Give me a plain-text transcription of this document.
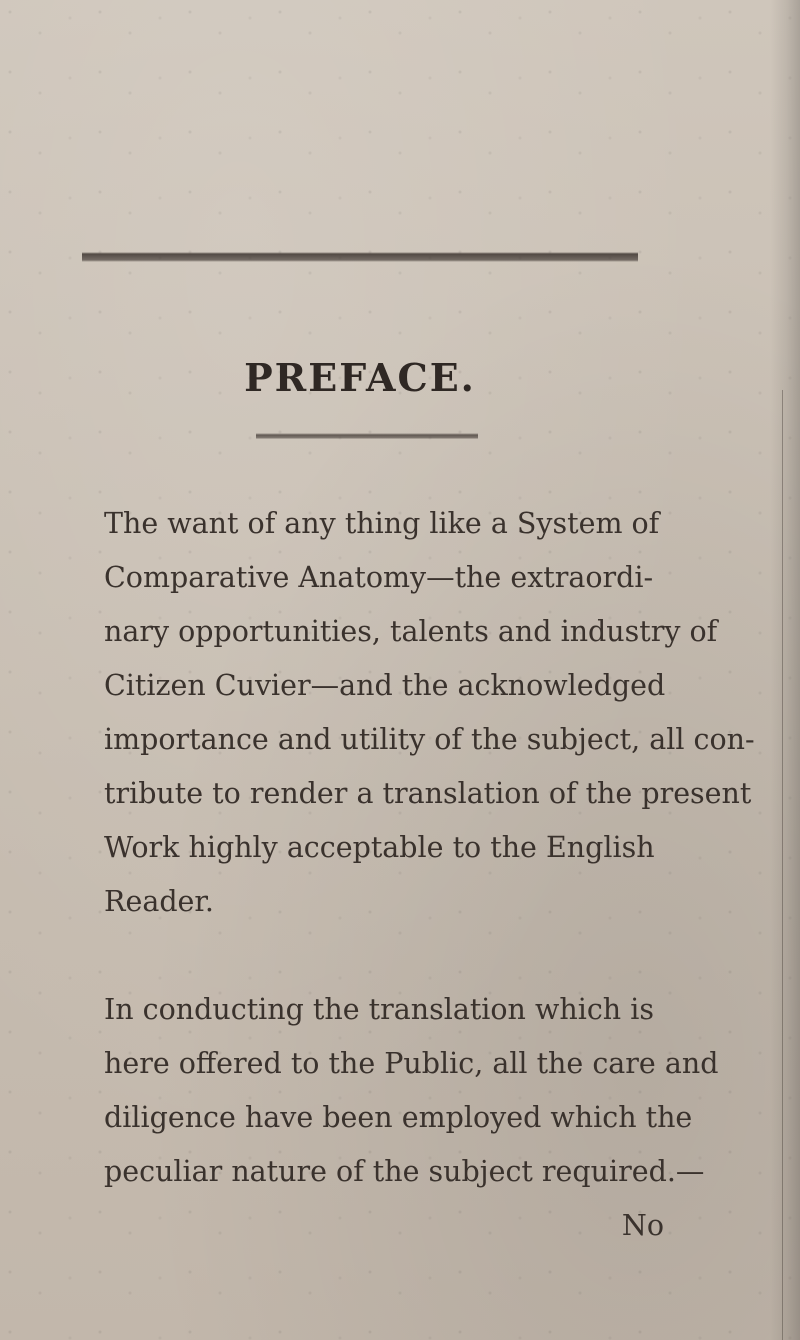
PREFACE.
The want of any thing like a System of
Comparative Anatomy—the extraordi-
nary opportunities, talents and industry of
Citizen Cuvier—and the acknowledged
importance and utility of the subject, all con-
tribute to render a translation of the present
Work highly acceptable to the English
Reader.
In conducting the translation which is
here offered to the Public, all the care and
diligence have been employed which the
peculiar nature of the subject required.—
No
